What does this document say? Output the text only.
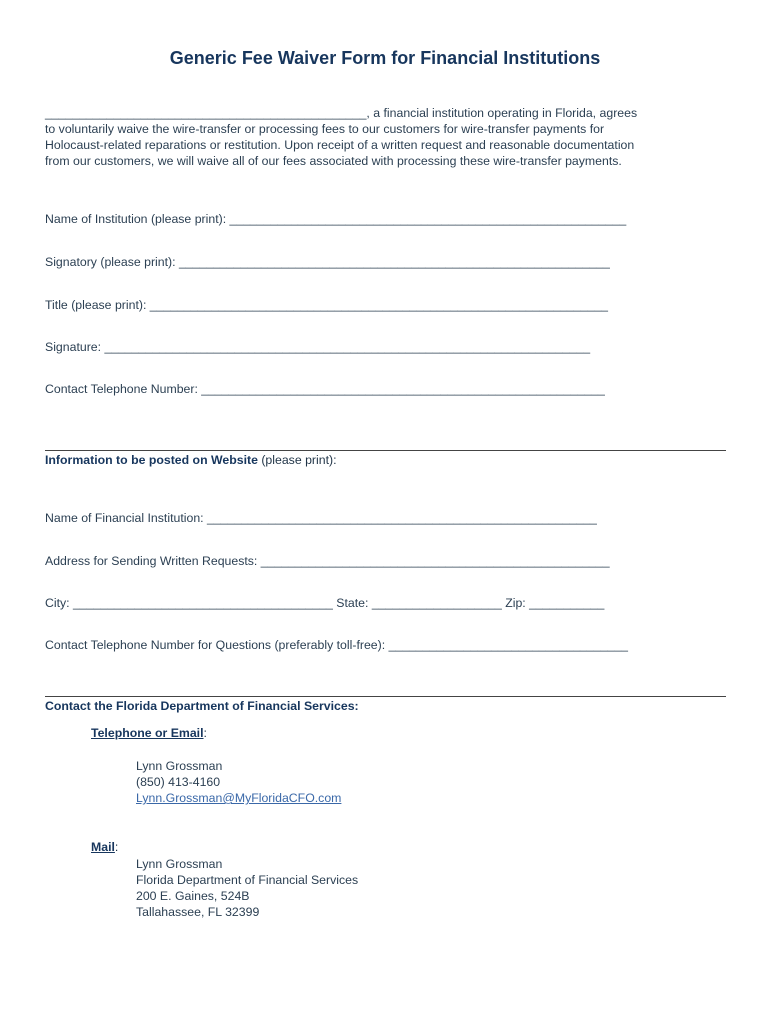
Generic Fee Waiver Form for Financial Institutions

_______________________________________________, a financial institution operating in Florida, agrees

to voluntarily waive the wire-transfer or processing fees to our customers for wire-transfer payments for

Holocaust-related reparations or restitution. Upon receipt of a written request and reasonable documentation

from our customers, we will waive all of our fees associated with processing these wire-transfer payments.

Name of Institution (please print): __________________________________________________________
Signatory (please print): _______________________________________________________________
Title (please print): ___________________________________________________________________
Signature: _______________________________________________________________________
Contact Telephone Number: ___________________________________________________________
Information to be posted on Website (please print):
Name of Financial Institution: _________________________________________________________
Address for Sending Written Requests: ___________________________________________________
City: ______________________________________ State: ___________________ Zip: ___________
Contact Telephone Number for Questions (preferably toll-free): ___________________________________
Contact the Florida Department of Financial Services:
Telephone or Email:
Lynn Grossman
(850) 413-4160
Lynn.Grossman@MyFloridaCFO.com
Mail:
Lynn Grossman
Florida Department of Financial Services
200 E. Gaines, 524B
Tallahassee, FL 32399
